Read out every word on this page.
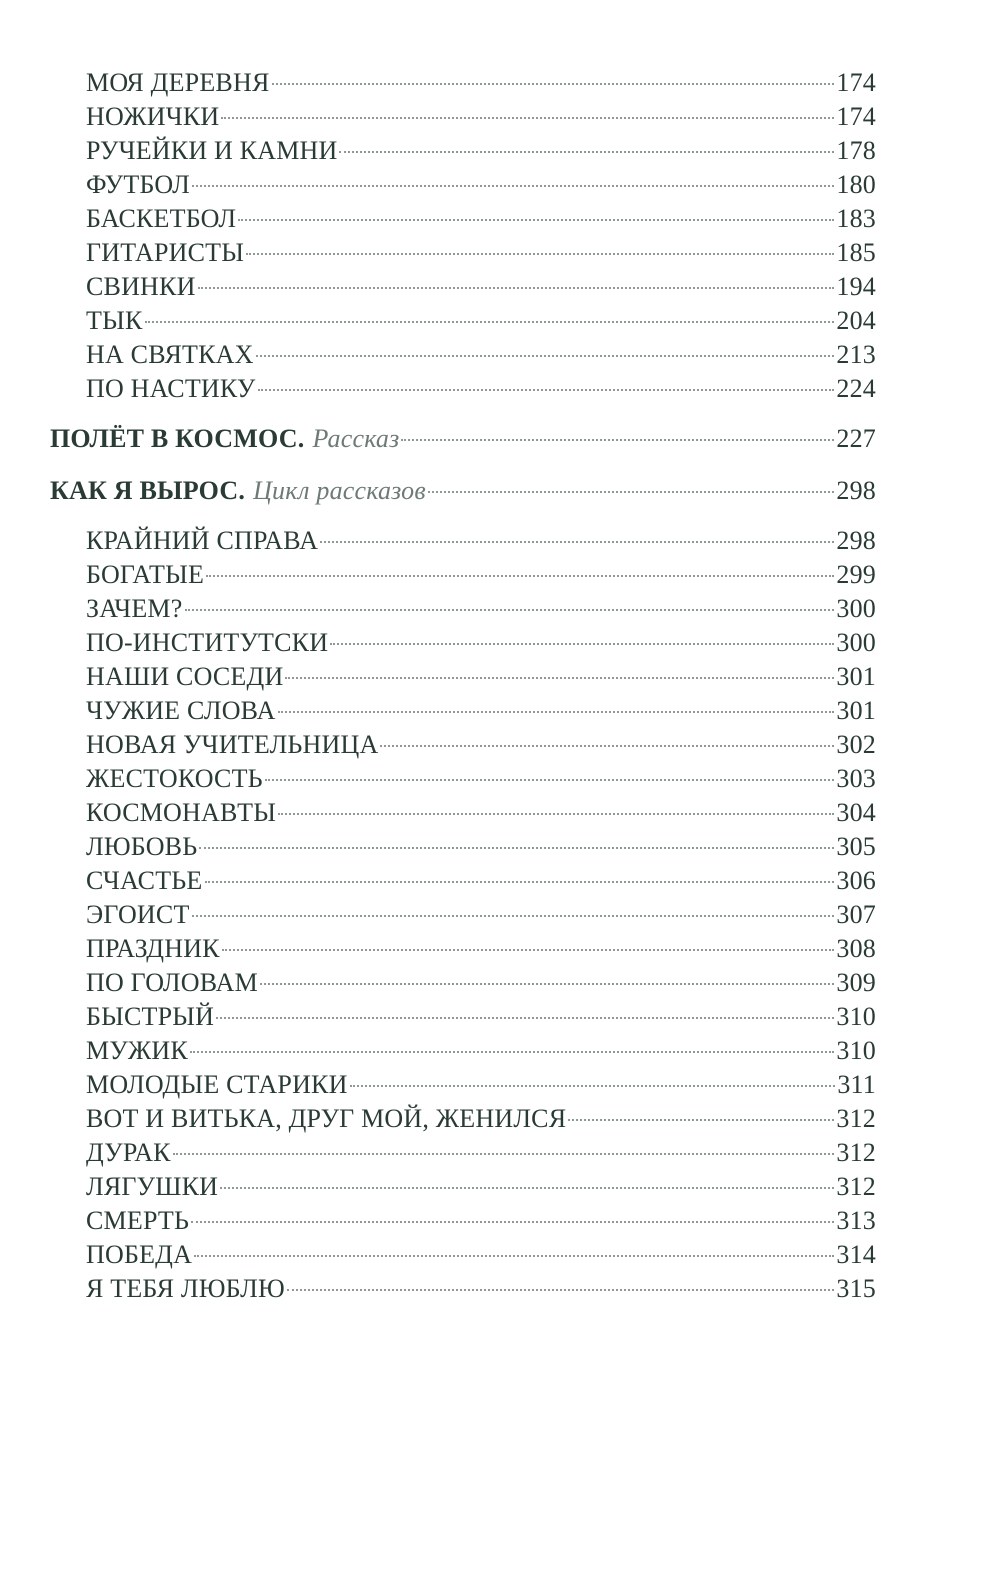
МОЯ ДЕРЕВНЯ	174
НОЖИЧКИ	174
РУЧЕЙКИ И КАМНИ	178
ФУТБОЛ	180
БАСКЕТБОЛ	183
ГИТАРИСТЫ	185
СВИНКИ	194
ТЫК	204
НА СВЯТКАХ	213
ПО НАСТИКУ	224
ПОЛЁТ В КОСМОС. Рассказ	227
КАК Я ВЫРОС. Цикл рассказов	298
КРАЙНИЙ СПРАВА	298
БОГАТЫЕ	299
ЗАЧЕМ?	300
ПО-ИНСТИТУТСКИ	300
НАШИ СОСЕДИ	301
ЧУЖИЕ СЛОВА	301
НОВАЯ УЧИТЕЛЬНИЦА	302
ЖЕСТОКОСТЬ	303
КОСМОНАВТЫ	304
ЛЮБОВЬ	305
СЧАСТЬЕ	306
ЭГОИСТ	307
ПРАЗДНИК	308
ПО ГОЛОВАМ	309
БЫСТРЫЙ	310
МУЖИК	310
МОЛОДЫЕ СТАРИКИ	311
ВОТ И ВИТЬКА, ДРУГ МОЙ, ЖЕНИЛСЯ	312
ДУРАК	312
ЛЯГУШКИ	312
СМЕРТЬ	313
ПОБЕДА	314
Я ТЕБЯ ЛЮБЛЮ	315
